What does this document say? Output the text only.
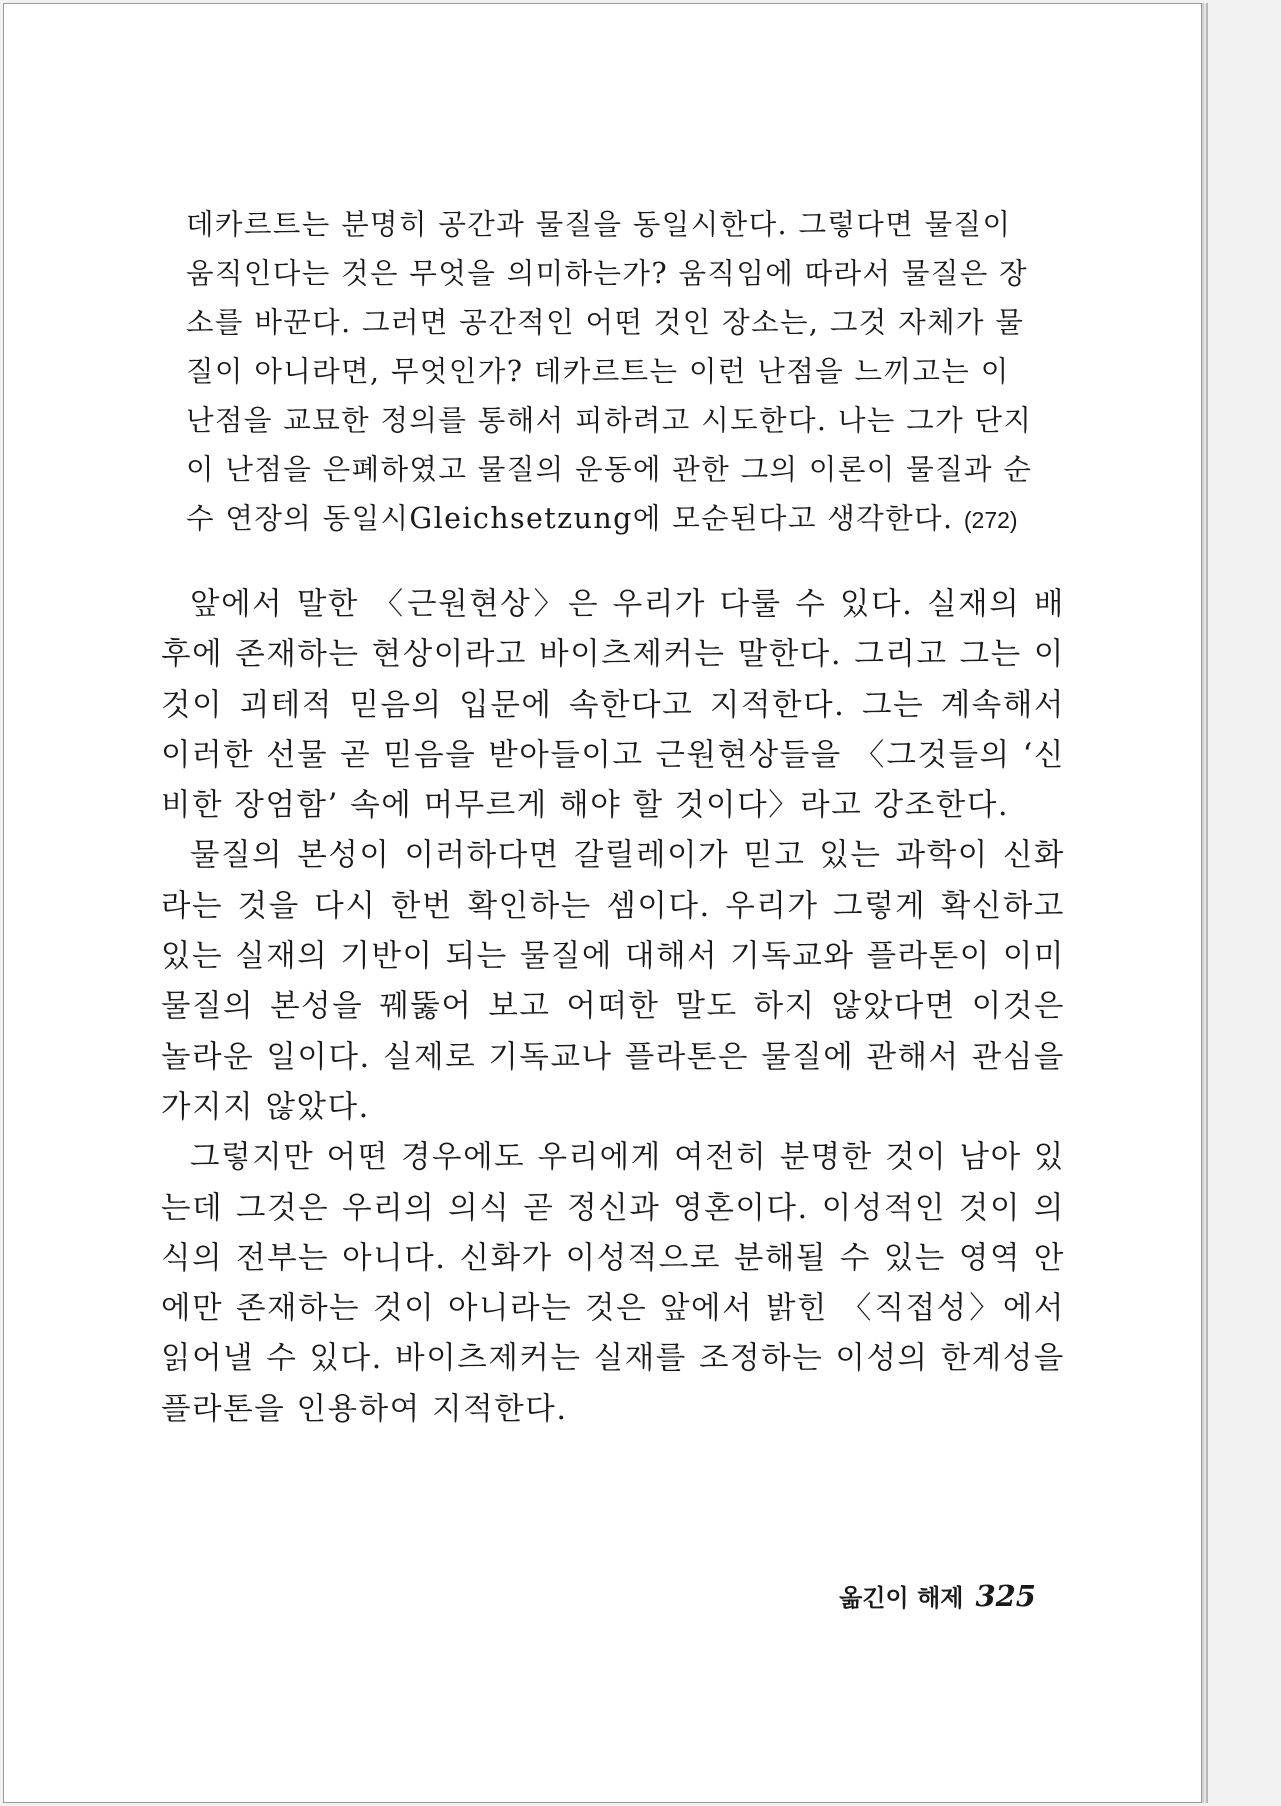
데카르트는 분명히 공간과 물질을 동일시한다. 그렇다면 물질이
움직인다는 것은 무엇을 의미하는가? 움직임에 따라서 물질은 장
소를 바꾼다. 그러면 공간적인 어떤 것인 장소는, 그것 자체가 물
질이 아니라면, 무엇인가? 데카르트는 이런 난점을 느끼고는 이
난점을 교묘한 정의를 통해서 피하려고 시도한다. 나는 그가 단지
이 난점을 은폐하였고 물질의 운동에 관한 그의 이론이 물질과 순
수 연장의 동일시Gleichsetzung에 모순된다고 생각한다. (272)

앞에서 말한 〈근원현상〉은 우리가 다룰 수 있다. 실재의 배후에 존재하는 현상이라고 바이츠제커는 말한다. 그리고 그는 이것이 괴테적 믿음의 입문에 속한다고 지적한다. 그는 계속해서 이러한 선물 곧 믿음을 받아들이고 근원현상들을 〈그것들의 ‘신비한 장엄함’ 속에 머무르게 해야 할 것이다〉라고 강조한다.

물질의 본성이 이러하다면 갈릴레이가 믿고 있는 과학이 신화라는 것을 다시 한번 확인하는 셈이다. 우리가 그렇게 확신하고 있는 실재의 기반이 되는 물질에 대해서 기독교와 플라톤이 이미 물질의 본성을 꿰뚫어 보고 어떠한 말도 하지 않았다면 이것은 놀라운 일이다. 실제로 기독교나 플라톤은 물질에 관해서 관심을 가지지 않았다.

그렇지만 어떤 경우에도 우리에게 여전히 분명한 것이 남아 있는데 그것은 우리의 의식 곧 정신과 영혼이다. 이성적인 것이 의식의 전부는 아니다. 신화가 이성적으로 분해될 수 있는 영역 안에만 존재하는 것이 아니라는 것은 앞에서 밝힌 〈직접성〉에서 읽어낼 수 있다. 바이츠제커는 실재를 조정하는 이성의 한계성을 플라톤을 인용하여 지적한다.

옮긴이 해제 325
